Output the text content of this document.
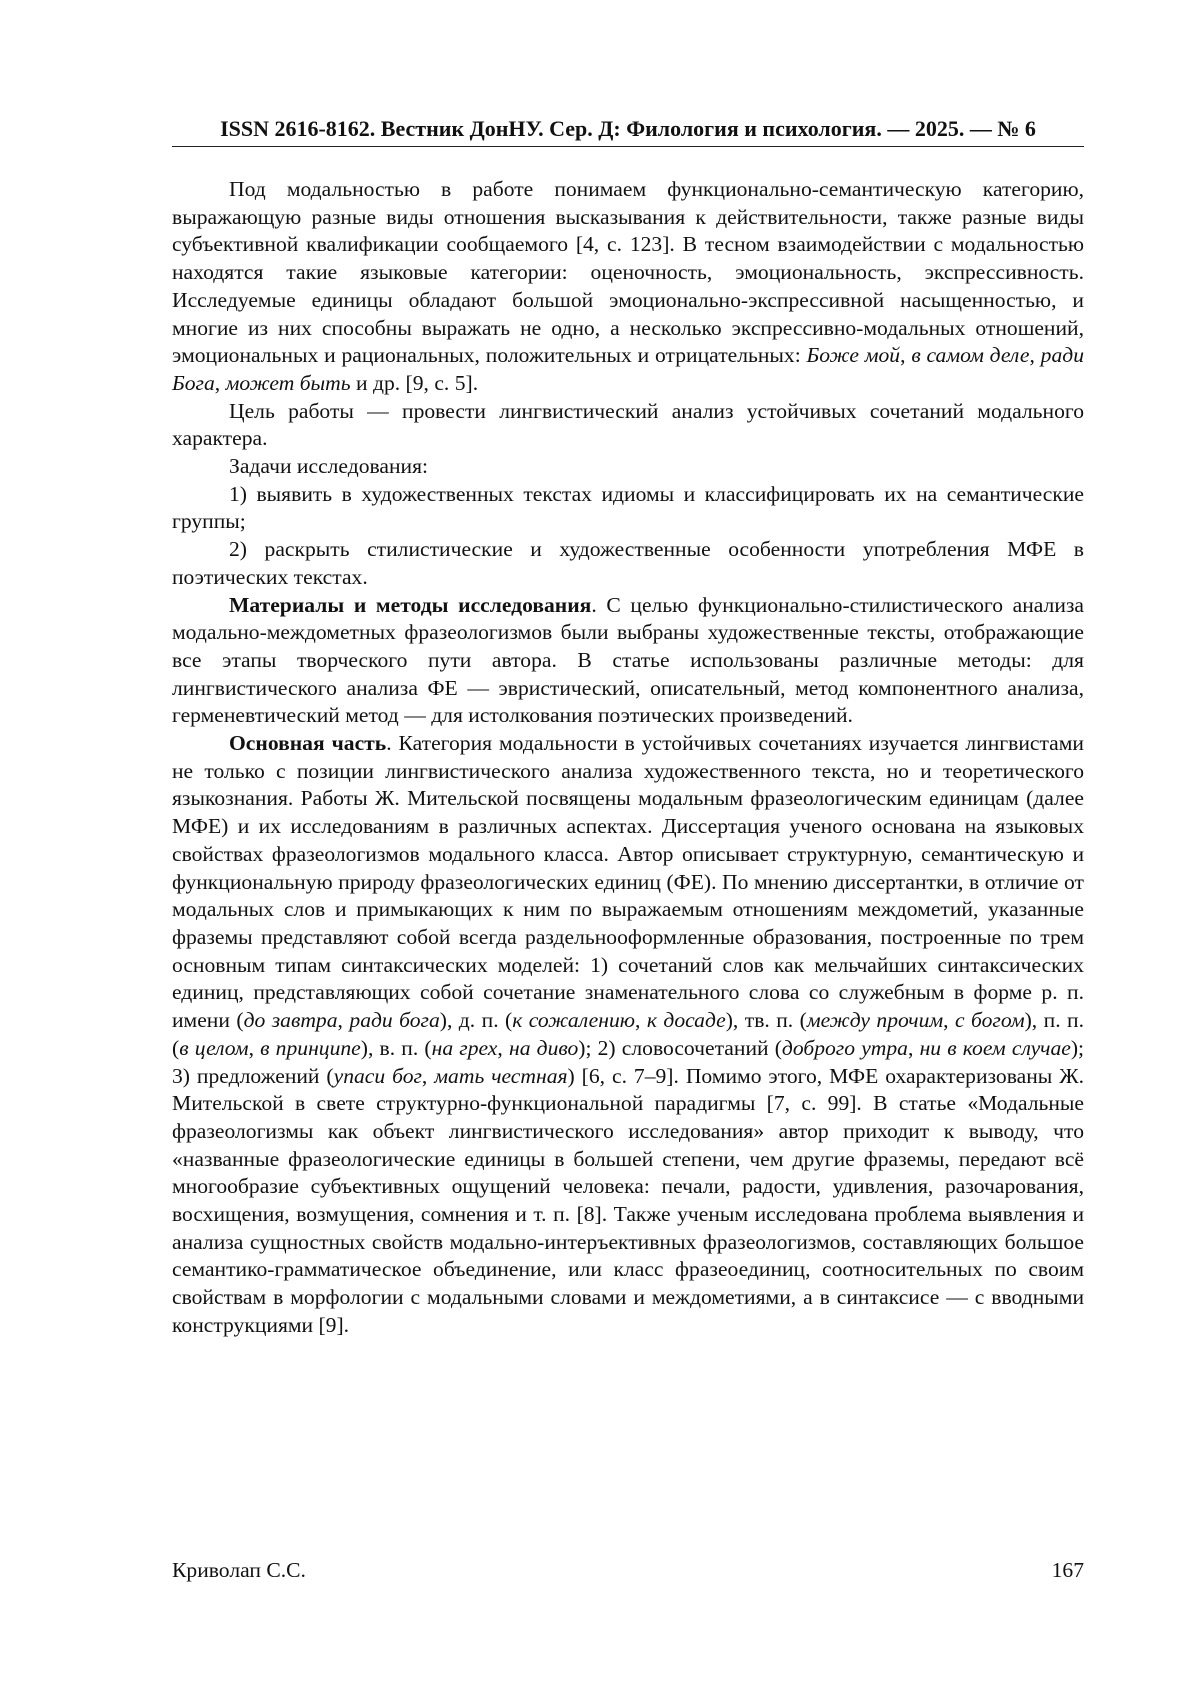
ISSN 2616-8162. Вестник ДонНУ. Сер. Д: Филология и психология. — 2025. — № 6

Под модальностью в работе понимаем функционально-семантическую категорию, выражающую разные виды отношения высказывания к действительности, также разные виды субъективной квалификации сообщаемого [4, с. 123]. В тесном взаимодействии с модальностью находятся такие языковые категории: оценочность, эмоциональность, экспрессивность. Исследуемые единицы обладают большой эмоционально-экспрессивной насыщенностью, и многие из них способны выражать не одно, а несколько экспрессивно-модальных отношений, эмоциональных и рациональных, положительных и отрицательных: Боже мой, в самом деле, ради Бога, может быть и др. [9, с. 5].

Цель работы — провести лингвистический анализ устойчивых сочетаний модального характера.

Задачи исследования:

1) выявить в художественных текстах идиомы и классифицировать их на семантические группы;

2) раскрыть стилистические и художественные особенности употребления МФЕ в поэтических текстах.

Материалы и методы исследования. С целью функционально-стилистического анализа модально-междометных фразеологизмов были выбраны художественные тексты, отображающие все этапы творческого пути автора. В статье использованы различные методы: для лингвистического анализа ФЕ — эвристический, описательный, метод компонентного анализа, герменевтический метод — для истолкования поэтических произведений.

Основная часть. Категория модальности в устойчивых сочетаниях изучается лингвистами не только с позиции лингвистического анализа художественного текста, но и теоретического языкознания. Работы Ж. Мительской посвящены модальным фразеологическим единицам (далее МФЕ) и их исследованиям в различных аспектах. Диссертация ученого основана на языковых свойствах фразеологизмов модального класса. Автор описывает структурную, семантическую и функциональную природу фразеологических единиц (ФЕ). По мнению диссертантки, в отличие от модальных слов и примыкающих к ним по выражаемым отношениям междометий, указанные фраземы представляют собой всегда раздельнооформленные образования, построенные по трем основным типам синтаксических моделей: 1) сочетаний слов как мельчайших синтаксических единиц, представляющих собой сочетание знаменательного слова со служебным в форме р. п. имени (до завтра, ради бога), д. п. (к сожалению, к досаде), тв. п. (между прочим, с богом), п. п. (в целом, в принципе), в. п. (на грех, на диво); 2) словосочетаний (доброго утра, ни в коем случае); 3) предложений (упаси бог, мать честная) [6, с. 7–9]. Помимо этого, МФЕ охарактеризованы Ж. Мительской в свете структурно-функциональной парадигмы [7, с. 99]. В статье «Модальные фразеологизмы как объект лингвистического исследования» автор приходит к выводу, что «названные фразеологические единицы в большей степени, чем другие фраземы, передают всё многообразие субъективных ощущений человека: печали, радости, удивления, разочарования, восхищения, возмущения, сомнения и т. п. [8]. Также ученым исследована проблема выявления и анализа сущностных свойств модально-интеръективных фразеологизмов, составляющих большое семантико-грамматическое объединение, или класс фразеоединиц, соотносительных по своим свойствам в морфологии с модальными словами и междометиями, а в синтаксисе — с вводными конструкциями [9].

Криволап С.С.	167
